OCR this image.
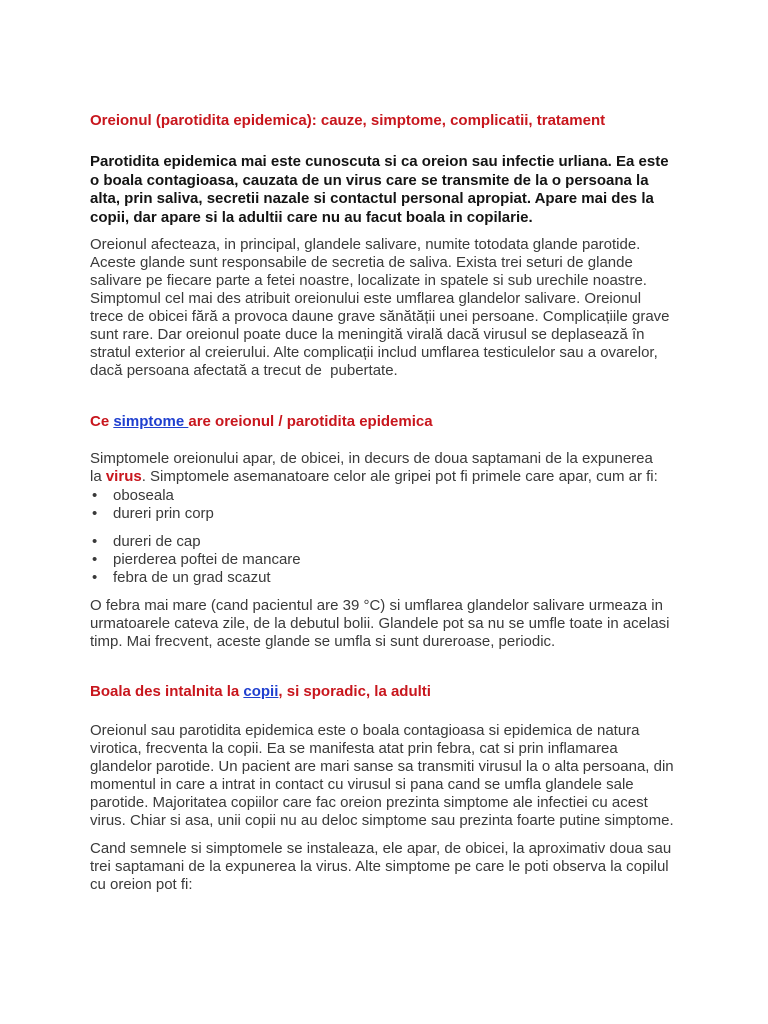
Oreionul (parotidita epidemica): cauze, simptome, complicatii, tratament
Parotidita epidemica mai este cunoscuta si ca oreion sau infectie urliana. Ea este
o boala contagioasa, cauzata de un virus care se transmite de la o persoana la
alta, prin saliva, secretii nazale si contactul personal apropiat. Apare mai des la
copii, dar apare si la adultii care nu au facut boala in copilarie.
Oreionul afecteaza, in principal, glandele salivare, numite totodata glande parotide.
Aceste glande sunt responsabile de secretia de saliva. Exista trei seturi de glande
salivare pe fiecare parte a fetei noastre, localizate in spatele si sub urechile noastre.
Simptomul cel mai des atribuit oreionului este umflarea glandelor salivare. Oreionul
trece de obicei fără a provoca daune grave sănătății unei persoane. Complicațiile grave
sunt rare. Dar oreionul poate duce la meningită virală dacă virusul se deplasează în
stratul exterior al creierului. Alte complicații includ umflarea testiculelor sau a ovarelor,
dacă persoana afectată a trecut de  pubertate.
Ce simptome are oreionul / parotidita epidemica
Simptomele oreionului apar, de obicei, in decurs de doua saptamani de la expunerea
la virus. Simptomele asemanatoare celor ale gripei pot fi primele care apar, cum ar fi:
•	oboseala
•	dureri prin corp
•	dureri de cap
•	pierderea poftei de mancare
•	febra de un grad scazut
O febra mai mare (cand pacientul are 39 °C) si umflarea glandelor salivare urmeaza in
urmatoarele cateva zile, de la debutul bolii. Glandele pot sa nu se umfle toate in acelasi
timp. Mai frecvent, aceste glande se umfla si sunt dureroase, periodic.
Boala des intalnita la copii, si sporadic, la adulti
Oreionul sau parotidita epidemica este o boala contagioasa si epidemica de natura
virotica, frecventa la copii. Ea se manifesta atat prin febra, cat si prin inflamarea
glandelor parotide. Un pacient are mari sanse sa transmiti virusul la o alta persoana, din
momentul in care a intrat in contact cu virusul si pana cand se umfla glandele sale
parotide. Majoritatea copiilor care fac oreion prezinta simptome ale infectiei cu acest
virus. Chiar si asa, unii copii nu au deloc simptome sau prezinta foarte putine simptome.
Cand semnele si simptomele se instaleaza, ele apar, de obicei, la aproximativ doua sau
trei saptamani de la expunerea la virus. Alte simptome pe care le poti observa la copilul
cu oreion pot fi:
